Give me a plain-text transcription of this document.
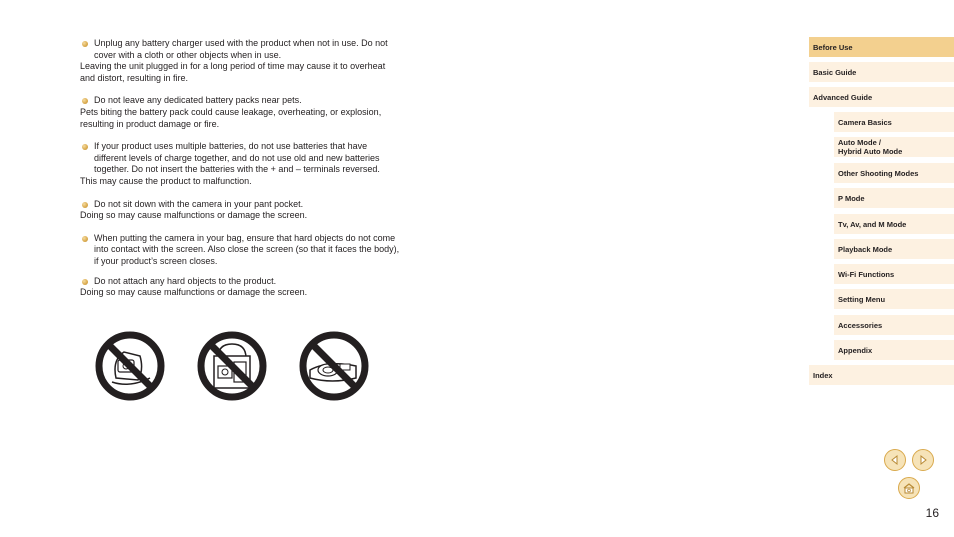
Unplug any battery charger used with the product when not in use. Do not cover with a cloth or other objects when in use.
Leaving the unit plugged in for a long period of time may cause it to overheat and distort, resulting in fire.
Do not leave any dedicated battery packs near pets.
Pets biting the battery pack could cause leakage, overheating, or explosion, resulting in product damage or fire.
If your product uses multiple batteries, do not use batteries that have different levels of charge together, and do not use old and new batteries together. Do not insert the batteries with the + and – terminals reversed.
This may cause the product to malfunction.
Do not sit down with the camera in your pant pocket.
Doing so may cause malfunctions or damage the screen.
When putting the camera in your bag, ensure that hard objects do not come into contact with the screen. Also close the screen (so that it faces the body), if your product’s screen closes.
Do not attach any hard objects to the product.
Doing so may cause malfunctions or damage the screen.
Before Use
Basic Guide
Advanced Guide
Camera Basics
Auto Mode /
Hybrid Auto Mode
Other Shooting Modes
P Mode
Tv, Av, and M Mode
Playback Mode
Wi-Fi Functions
Setting Menu
Accessories
Appendix
Index
16
